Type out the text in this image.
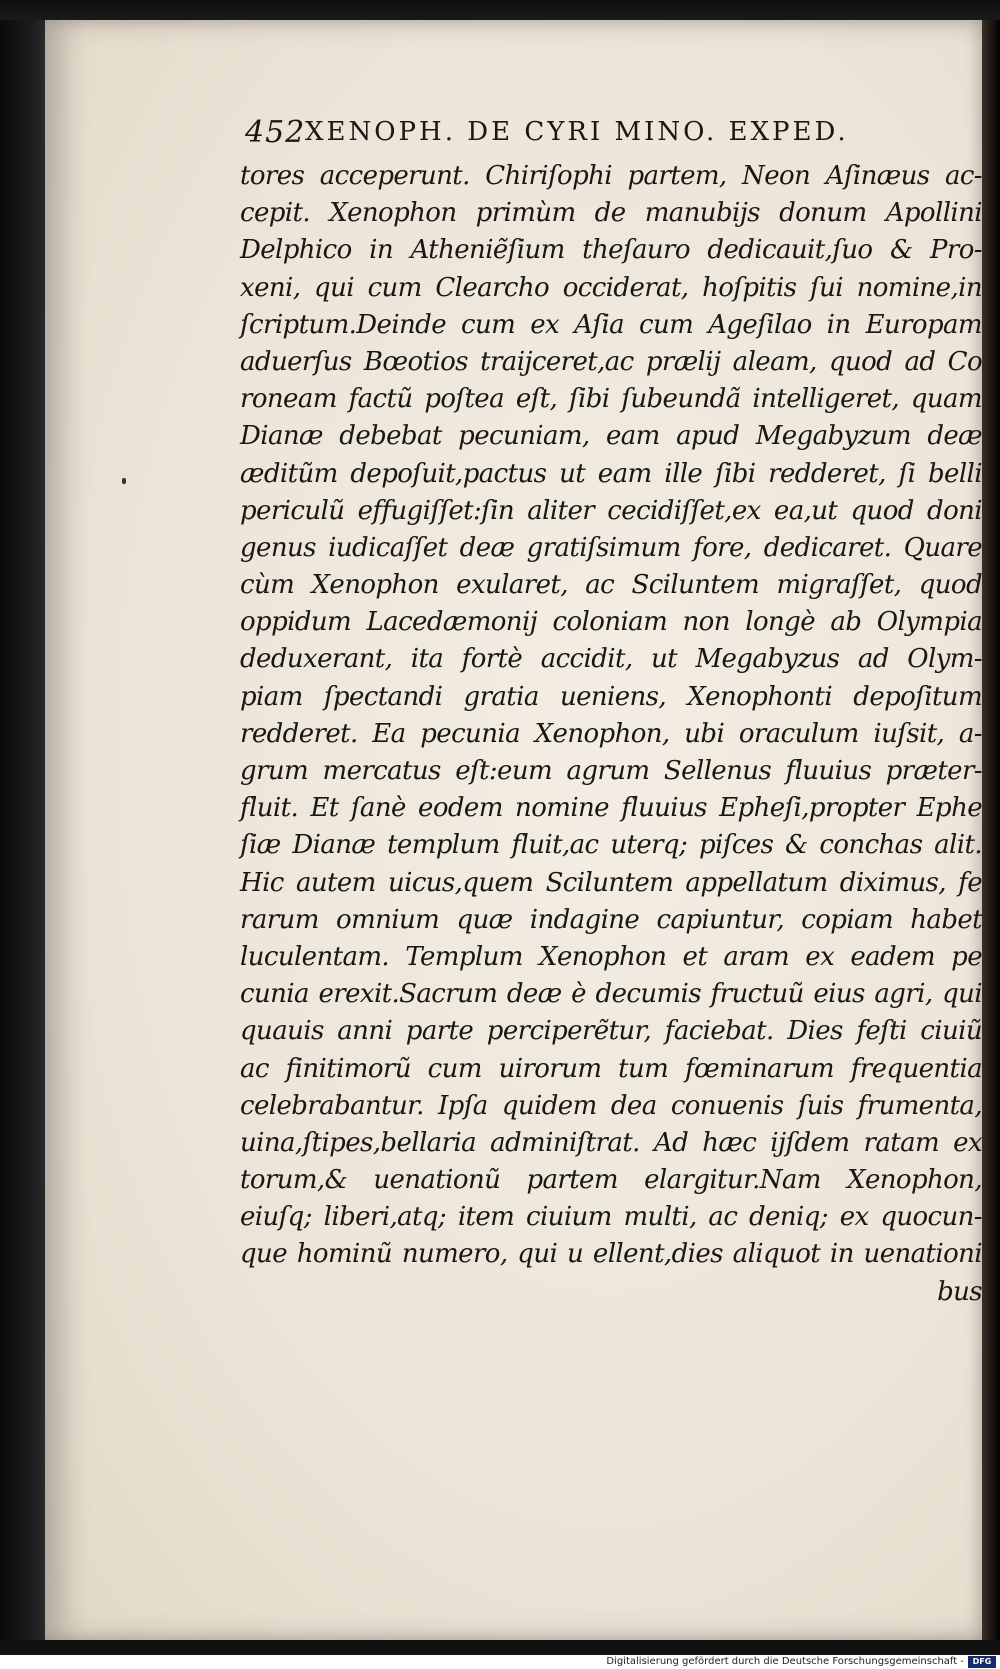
452 XENOPH. DE CYRI MINO. EXPED.
tores acceperunt. Chiriſophi partem, Neon Aſinæus ac-
cepit. Xenophon primùm de manubijs donum Apollini
Delphico in Atheniẽſium theſauro dedicauit,ſuo & Pro-
xeni, qui cum Clearcho occiderat, hoſpitis ſui nomine,in
ſcriptum.Deinde cum ex Aſia cum Ageſilao in Europam
aduerſus Bœotios traijceret,ac prælij aleam, quod ad Co
roneam factũ poſtea eſt, ſibi ſubeundã intelligeret, quam
Dianæ debebat pecuniam, eam apud Megabyzum deæ
æditũm depoſuit,pactus ut eam ille ſibi redderet, ſi belli
periculũ effugiſſet:ſin aliter cecidiſſet,ex ea,ut quod doni
genus iudicaſſet deæ gratiſsimum fore, dedicaret. Quare
cùm Xenophon exularet, ac Sciluntem migraſſet, quod
oppidum Lacedæmonij coloniam non longè ab Olympia
deduxerant, ita fortè accidit, ut Megabyzus ad Olym-
piam ſpectandi gratia ueniens, Xenophonti depoſitum
redderet. Ea pecunia Xenophon, ubi oraculum iuſsit, a-
grum mercatus eſt:eum agrum Sellenus fluuius præter-
fluit. Et ſanè eodem nomine fluuius Epheſi,propter Ephe
ſiæ Dianæ templum fluit,ac uterq; piſces & conchas alit.
Hic autem uicus,quem Sciluntem appellatum diximus, fe
rarum omnium quæ indagine capiuntur, copiam habet
luculentam. Templum Xenophon et aram ex eadem pe
cunia erexit.Sacrum deæ è decumis fructuũ eius agri, qui
quauis anni parte perciperẽtur, faciebat. Dies feſti ciuiũ
ac finitimorũ cum uirorum tum fœminarum frequentia
celebrabantur. Ipſa quidem dea conuenis ſuis frumenta,
uina,ſtipes,bellaria adminiſtrat. Ad hæc ijſdem ratam ex
torum,& uenationũ partem elargitur.Nam Xenophon,
eiuſq; liberi,atq; item ciuium multi, ac deniq; ex quocun-
que hominũ numero, qui u ellent,dies aliquot in uenationi
bus
Digitalisierung gefördert durch die Deutsche Forschungsgemeinschaft -	DFG
